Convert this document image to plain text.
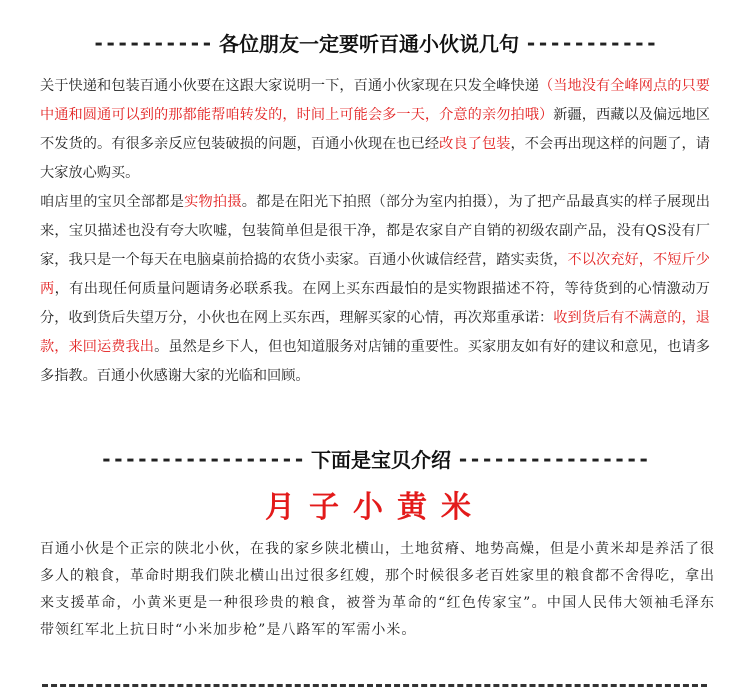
---------- 各位朋友一定要听百通小伙说几句 -----------

关于快递和包装百通小伙要在这跟大家说明一下，百通小伙家现在只发全峰快递（当地没有全峰网点的只要中通和圆通可以到的那都能帮咱转发的，时间上可能会多一天，介意的亲勿拍哦）新疆，西藏以及偏远地区不发货的。有很多亲反应包装破损的问题，百通小伙现在也已经改良了包装，不会再出现这样的问题了，请大家放心购买。

咱店里的宝贝全部都是实物拍摄。都是在阳光下拍照（部分为室内拍摄），为了把产品最真实的样子展现出来，宝贝描述也没有夸大吹嘘，包装简单但是很干净，都是农家自产自销的初级农副产品，没有QS没有厂家，我只是一个每天在电脑桌前拾捣的农货小卖家。百通小伙诚信经营，踏实卖货，不以次充好，不短斤少两，有出现任何质量问题请务必联系我。在网上买东西最怕的是实物跟描述不符，等待货到的心情激动万分，收到货后失望万分，小伙也在网上买东西，理解买家的心情，再次郑重承诺：收到货后有不满意的，退款，来回运费我出。虽然是乡下人，但也知道服务对店铺的重要性。买家朋友如有好的建议和意见，也请多多指教。百通小伙感谢大家的光临和回顾。

----------------- 下面是宝贝介绍 ----------------
月子小黄米

百通小伙是个正宗的陕北小伙，在我的家乡陕北横山，土地贫瘠、地势高燥，但是小黄米却是养活了很多人的粮食，革命时期我们陕北横山出过很多红嫂，那个时候很多老百姓家里的粮食都不舍得吃，拿出来支援革命，小黄米更是一种很珍贵的粮食，被誉为革命的“红色传家宝”。中国人民伟大领袖毛泽东带领红军北上抗日时“小米加步枪”是八路军的军需小米。
